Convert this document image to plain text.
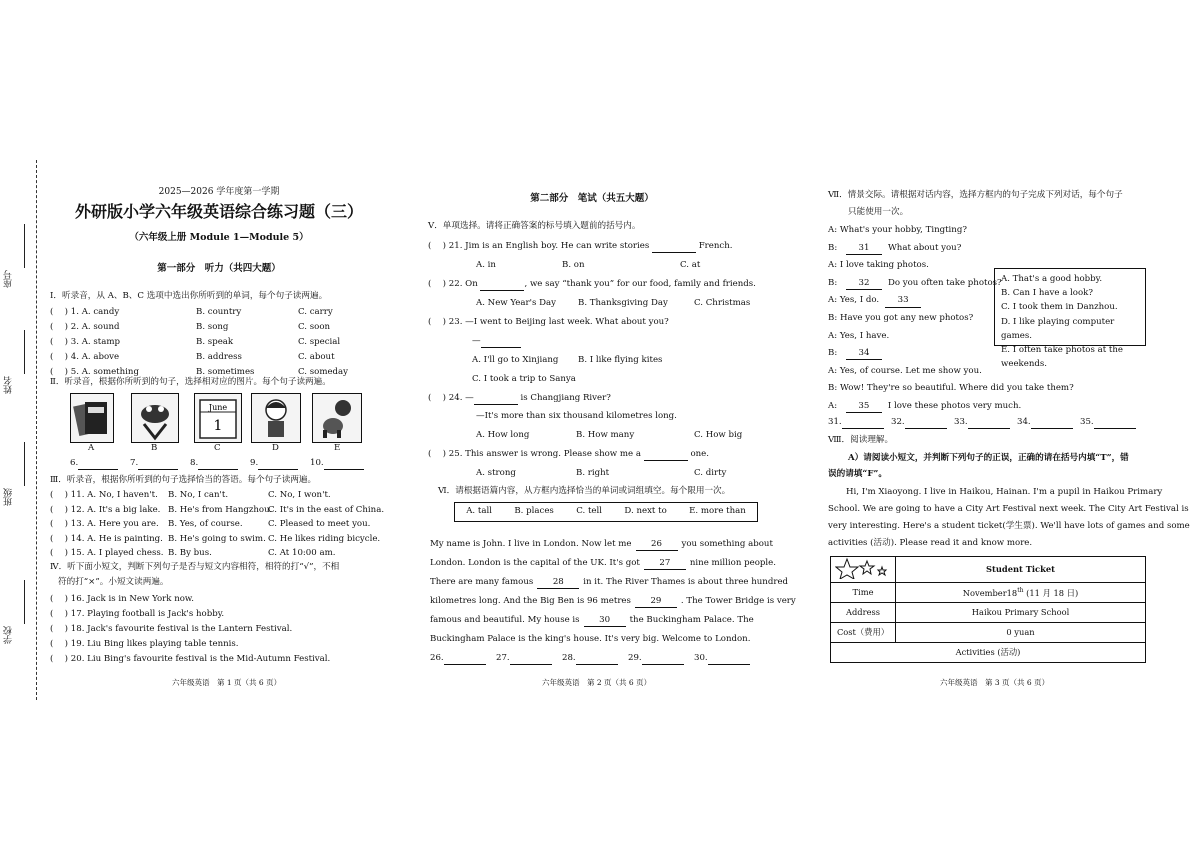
座号
姓名
班级
学校
2025—2026 学年度第一学期
外研版小学六年级英语综合练习题（三）
（六年级上册 Module 1—Module 5）
第一部分　听力（共四大题）
Ⅰ．听录音，从 A、B、C 选项中选出你所听到的单词，每个句子读两遍。
(　 ) 1. A. candy	B. country	C. carry
(　 ) 2. A. sound	B. song	C. soon
(　 ) 3. A. stamp	B. speak	C. special
(　 ) 4. A. above	B. address	C. about
(　 ) 5. A. something	B. sometimes	C. someday
Ⅱ．听录音，根据你所听到的句子，选择相对应的图片。每个句子读两遍。
June
1
A	B	C	D	E
6.	7.	8.	9.	10.
Ⅲ．听录音，根据你所听到的句子选择恰当的答语。每个句子读两遍。
(　 ) 11. A. No, I haven't. B. No, I can't.	C. No, I won't.
(　 ) 12. A. It's a big lake. B. He's from Hangzhou.
C. It's in the east of China.
(　 ) 13. A. Here you are. B. Yes, of course.	C. Pleased to meet you.
(　 ) 14. A. He is painting. B. He's going to swim. C. He likes riding bicycle.
(　 ) 15. A. I played chess. B. By bus.	C. At 10:00 am.
Ⅳ．听下面小短文，判断下列句子是否与短文内容相符，相符的打“√”，不相
符的打“×”。小短文读两遍。
(　 ) 16. Jack is in New York now.
(　 ) 17. Playing football is Jack's hobby.
(　 ) 18. Jack's favourite festival is the Lantern Festival.
(　 ) 19. Liu Bing likes playing table tennis.
(　 ) 20. Liu Bing's favourite festival is the Mid-Autumn Festival.
六年级英语　第 1 页（共 6 页）
第二部分　笔试（共五大题）
Ⅴ．单项选择。请将正确答案的标号填入题前的括号内。
(　 ) 21. Jim is an English boy. He can write stories	French.
A. in	B. on	C. at
(　 ) 22. On	, we say “thank you” for our food, family and friends.
A. New Year's Day	B. Thanksgiving Day	C. Christmas
(　 ) 23. —I went to Beijing last week. What about you?
—
A. I'll go to Xinjiang B. I like flying kites
C. I took a trip to Sanya
(　 ) 24. —	is Changjiang River?
—It's more than six thousand kilometres long.
A. How long	B. How many	C. How big
(　 ) 25. This answer is wrong. Please show me a	one.
A. strong	B. right	C. dirty
Ⅵ．请根据语篇内容，从方框内选择恰当的单词或词组填空。每个限用一次。
A. tall	B. places	C. tell	D. next to	E. more than
My name is John. I live in London. Now let me 26 you something about
London. London is the capital of the UK. It's got 27 nine million people.
There are many famous 28 in it. The River Thames is about three hundred
kilometres long. And the Big Ben is 96 metres 29 . The Tower Bridge is very
famous and beautiful. My house is 30 the Buckingham Palace. The
Buckingham Palace is the king's house. It's very big. Welcome to London.
26.	27.	28.	29.	30.
六年级英语　第 2 页（共 6 页）
Ⅶ．情景交际。请根据对话内容，选择方框内的句子完成下列对话，每个句子
只能使用一次。
A: What's your hobby, Tingting?
B: 31 What about you?
A: I love taking photos.
B: 32 Do you often take photos?
A: Yes, I do. 33
B: Have you got any new photos?
A: Yes, I have.
B: 34
A: Yes, of course. Let me show you.
B: Wow! They're so beautiful. Where did you take them?
A: 35 I love these photos very much.
A. That's a good hobby.
B. Can I have a look?
C. I took them in Danzhou.
D. I like playing computer games.
E. I often take photos at the weekends.
31.	32.	33.	34.	35.
Ⅷ．阅读理解。
A）请阅读小短文，并判断下列句子的正误，正确的请在括号内填“T”，错
误的请填“F”。
Hi, I'm Xiaoyong. I live in Haikou, Hainan. I'm a pupil in Haikou Primary
School. We are going to have a City Art Festival next week. The City Art Festival is
very interesting. Here's a student ticket(学生票). We'll have lots of games and some
activities (活动). Please read it and know more.
	Student Ticket
Time	November18th (11 月 18 日)
Address	Haikou Primary School
Cost（费用）	0 yuan
Activities (活动)	
六年级英语　第 3 页（共 6 页）
